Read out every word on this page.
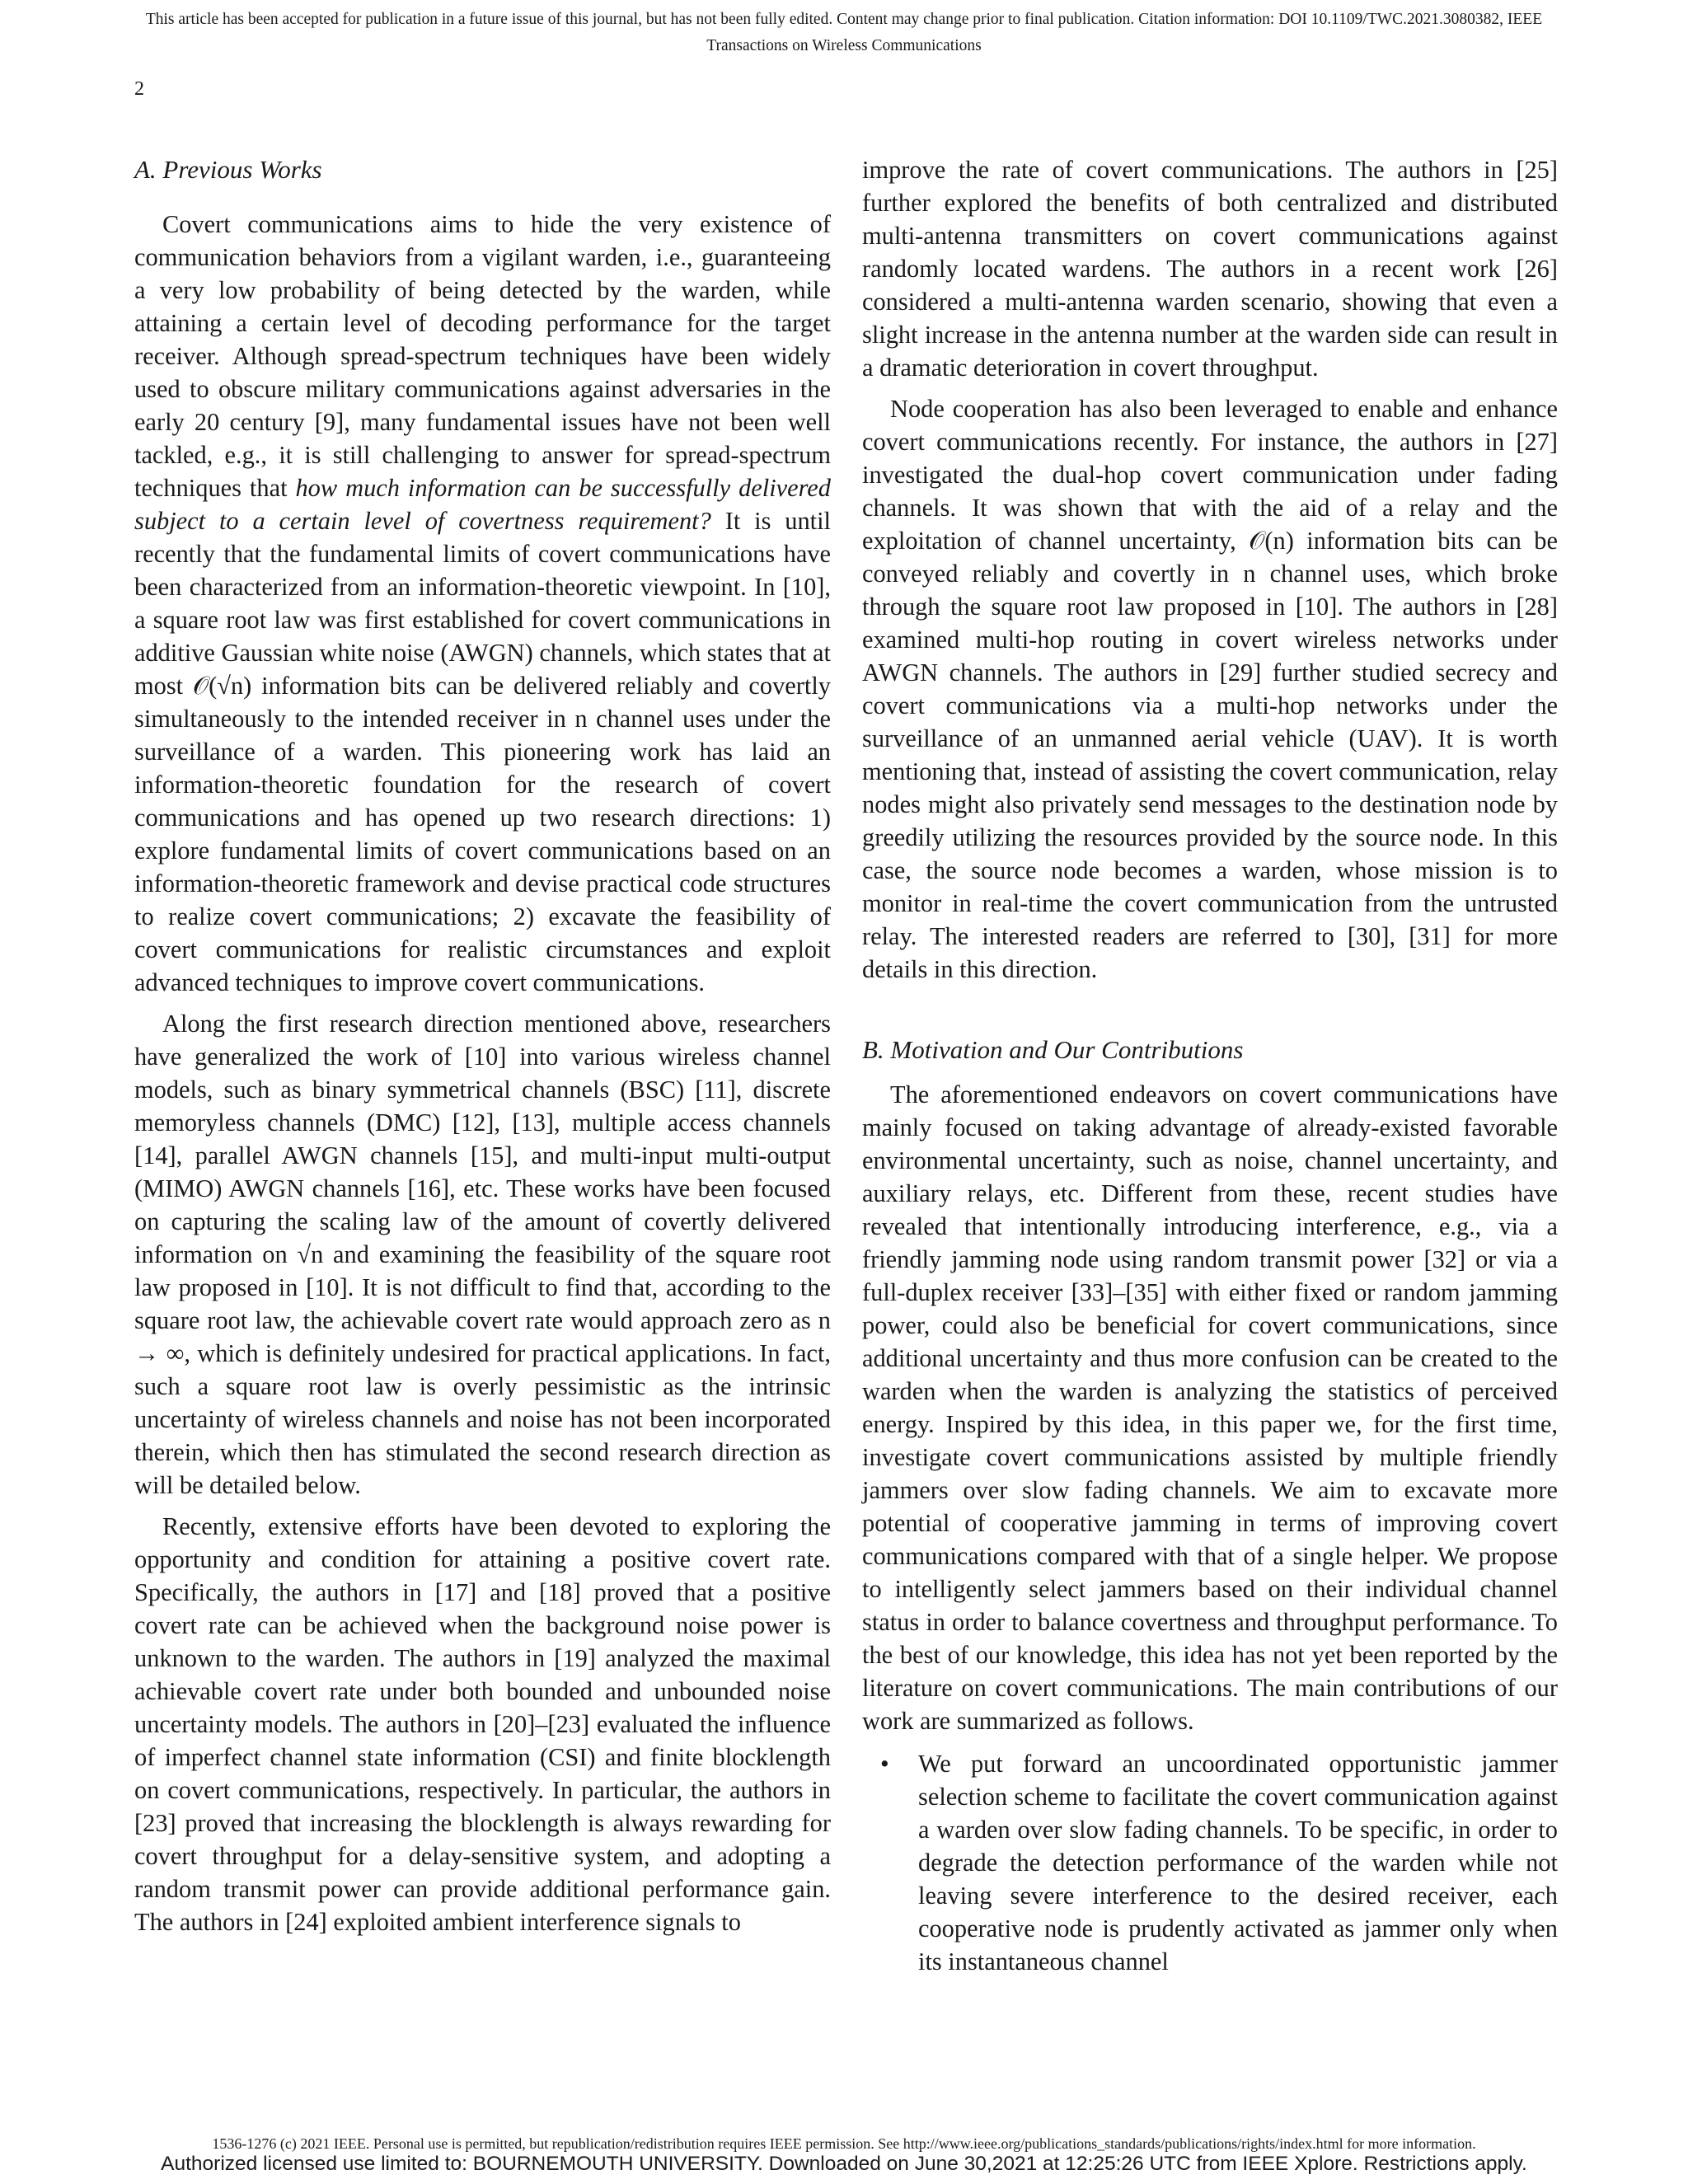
This article has been accepted for publication in a future issue of this journal, but has not been fully edited. Content may change prior to final publication. Citation information: DOI 10.1109/TWC.2021.3080382, IEEE
Transactions on Wireless Communications
2
A. Previous Works

Covert communications aims to hide the very existence of communication behaviors from a vigilant warden, i.e., guaranteeing a very low probability of being detected by the warden, while attaining a certain level of decoding performance for the target receiver. Although spread-spectrum techniques have been widely used to obscure military communications against adversaries in the early 20 century [9], many fundamental issues have not been well tackled, e.g., it is still challenging to answer for spread-spectrum techniques that how much information can be successfully delivered subject to a certain level of covertness requirement? It is until recently that the fundamental limits of covert communications have been characterized from an information-theoretic viewpoint. In [10], a square root law was first established for covert communications in additive Gaussian white noise (AWGN) channels, which states that at most 𝒪(√n) information bits can be delivered reliably and covertly simultaneously to the intended receiver in n channel uses under the surveillance of a warden. This pioneering work has laid an information-theoretic foundation for the research of covert communications and has opened up two research directions: 1) explore fundamental limits of covert communications based on an information-theoretic framework and devise practical code structures to realize covert communications; 2) excavate the feasibility of covert communications for realistic circumstances and exploit advanced techniques to improve covert communications.

Along the first research direction mentioned above, researchers have generalized the work of [10] into various wireless channel models, such as binary symmetrical channels (BSC) [11], discrete memoryless channels (DMC) [12], [13], multiple access channels [14], parallel AWGN channels [15], and multi-input multi-output (MIMO) AWGN channels [16], etc. These works have been focused on capturing the scaling law of the amount of covertly delivered information on √n and examining the feasibility of the square root law proposed in [10]. It is not difficult to find that, according to the square root law, the achievable covert rate would approach zero as n → ∞, which is definitely undesired for practical applications. In fact, such a square root law is overly pessimistic as the intrinsic uncertainty of wireless channels and noise has not been incorporated therein, which then has stimulated the second research direction as will be detailed below.

Recently, extensive efforts have been devoted to exploring the opportunity and condition for attaining a positive covert rate. Specifically, the authors in [17] and [18] proved that a positive covert rate can be achieved when the background noise power is unknown to the warden. The authors in [19] analyzed the maximal achievable covert rate under both bounded and unbounded noise uncertainty models. The authors in [20]–[23] evaluated the influence of imperfect channel state information (CSI) and finite blocklength on covert communications, respectively. In particular, the authors in [23] proved that increasing the blocklength is always rewarding for covert throughput for a delay-sensitive system, and adopting a random transmit power can provide additional performance gain. The authors in [24] exploited ambient interference signals to

improve the rate of covert communications. The authors in [25] further explored the benefits of both centralized and distributed multi-antenna transmitters on covert communications against randomly located wardens. The authors in a recent work [26] considered a multi-antenna warden scenario, showing that even a slight increase in the antenna number at the warden side can result in a dramatic deterioration in covert throughput.

Node cooperation has also been leveraged to enable and enhance covert communications recently. For instance, the authors in [27] investigated the dual-hop covert communication under fading channels. It was shown that with the aid of a relay and the exploitation of channel uncertainty, 𝒪(n) information bits can be conveyed reliably and covertly in n channel uses, which broke through the square root law proposed in [10]. The authors in [28] examined multi-hop routing in covert wireless networks under AWGN channels. The authors in [29] further studied secrecy and covert communications via a multi-hop networks under the surveillance of an unmanned aerial vehicle (UAV). It is worth mentioning that, instead of assisting the covert communication, relay nodes might also privately send messages to the destination node by greedily utilizing the resources provided by the source node. In this case, the source node becomes a warden, whose mission is to monitor in real-time the covert communication from the untrusted relay. The interested readers are referred to [30], [31] for more details in this direction.

B. Motivation and Our Contributions

The aforementioned endeavors on covert communications have mainly focused on taking advantage of already-existed favorable environmental uncertainty, such as noise, channel uncertainty, and auxiliary relays, etc. Different from these, recent studies have revealed that intentionally introducing interference, e.g., via a friendly jamming node using random transmit power [32] or via a full-duplex receiver [33]–[35] with either fixed or random jamming power, could also be beneficial for covert communications, since additional uncertainty and thus more confusion can be created to the warden when the warden is analyzing the statistics of perceived energy. Inspired by this idea, in this paper we, for the first time, investigate covert communications assisted by multiple friendly jammers over slow fading channels. We aim to excavate more potential of cooperative jamming in terms of improving covert communications compared with that of a single helper. We propose to intelligently select jammers based on their individual channel status in order to balance covertness and throughput performance. To the best of our knowledge, this idea has not yet been reported by the literature on covert communications. The main contributions of our work are summarized as follows.

• We put forward an uncoordinated opportunistic jammer selection scheme to facilitate the covert communication against a warden over slow fading channels. To be specific, in order to degrade the detection performance of the warden while not leaving severe interference to the desired receiver, each cooperative node is prudently activated as jammer only when its instantaneous channel
1536-1276 (c) 2021 IEEE. Personal use is permitted, but republication/redistribution requires IEEE permission. See http://www.ieee.org/publications_standards/publications/rights/index.html for more information.
Authorized licensed use limited to: BOURNEMOUTH UNIVERSITY. Downloaded on June 30,2021 at 12:25:26 UTC from IEEE Xplore. Restrictions apply.
